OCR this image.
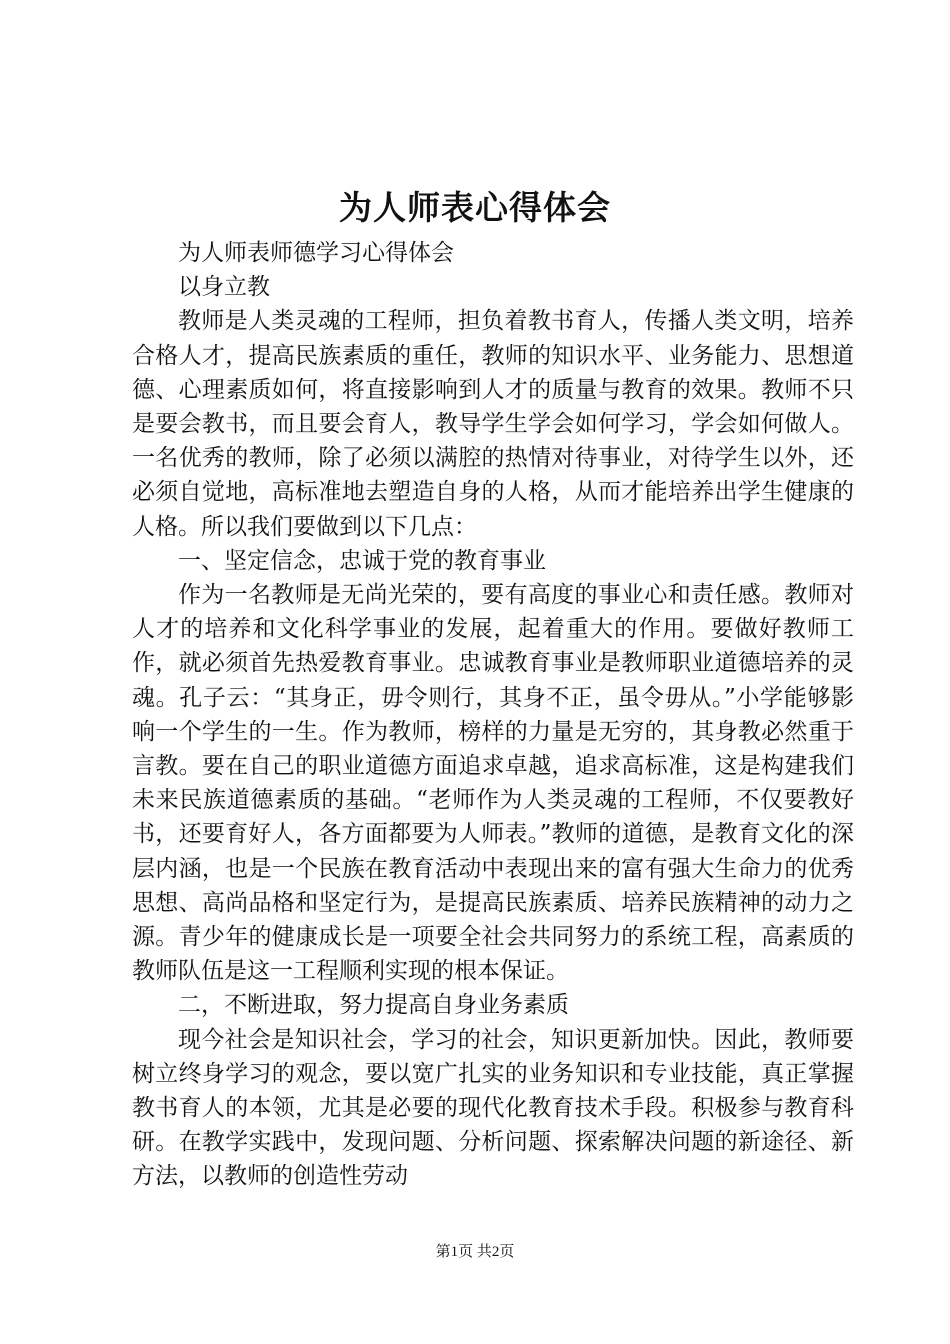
为人师表心得体会

为人师表师德学习心得体会

以身立教

教师是人类灵魂的工程师，担负着教书育人，传播人类文明，培养合格人才，提高民族素质的重任，教师的知识水平、业务能力、思想道德、心理素质如何，将直接影响到人才的质量与教育的效果。教师不只是要会教书，而且要会育人，教导学生学会如何学习，学会如何做人。一名优秀的教师，除了必须以满腔的热情对待事业，对待学生以外，还必须自觉地，高标准地去塑造自身的人格，从而才能培养出学生健康的人格。所以我们要做到以下几点：

一、坚定信念，忠诚于党的教育事业

作为一名教师是无尚光荣的，要有高度的事业心和责任感。教师对人才的培养和文化科学事业的发展，起着重大的作用。要做好教师工作，就必须首先热爱教育事业。忠诚教育事业是教师职业道德培养的灵魂。孔子云：“其身正，毋令则行，其身不正，虽令毋从。”小学能够影响一个学生的一生。作为教师，榜样的力量是无穷的，其身教必然重于言教。要在自己的职业道德方面追求卓越，追求高标准，这是构建我们未来民族道德素质的基础。“老师作为人类灵魂的工程师，不仅要教好书，还要育好人，各方面都要为人师表。”教师的道德，是教育文化的深层内涵，也是一个民族在教育活动中表现出来的富有强大生命力的优秀思想、高尚品格和坚定行为，是提高民族素质、培养民族精神的动力之源。青少年的健康成长是一项要全社会共同努力的系统工程，高素质的教师队伍是这一工程顺利实现的根本保证。

二，不断进取，努力提高自身业务素质

现今社会是知识社会，学习的社会，知识更新加快。因此，教师要树立终身学习的观念，要以宽广扎实的业务知识和专业技能，真正掌握教书育人的本领，尤其是必要的现代化教育技术手段。积极参与教育科研。在教学实践中，发现问题、分析问题、探索解决问题的新途径、新方法，以教师的创造性劳动

第1页 共2页
